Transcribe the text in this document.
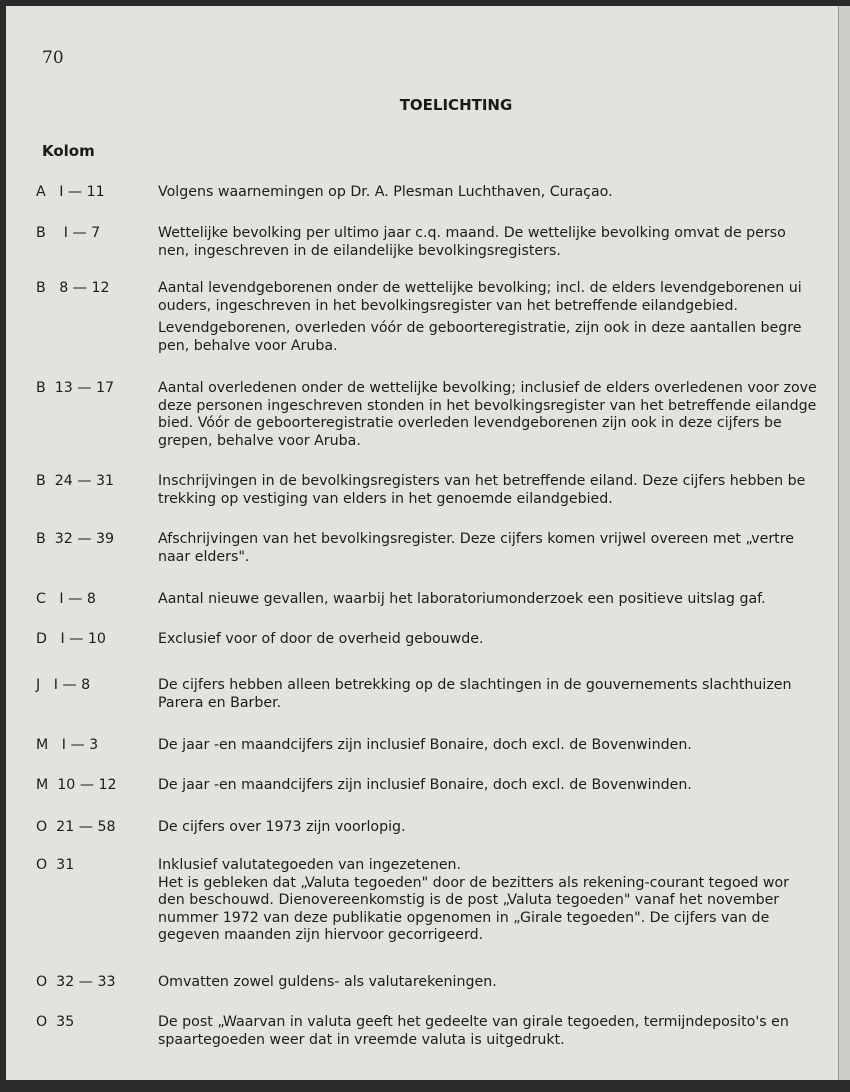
70
TOELICHTING
Kolom
A   I — 11	Volgens waarnemingen op Dr. A. Plesman Luchthaven, Curaçao.
B    I — 7	Wettelijke bevolking per ultimo jaar c.q. maand. De wettelijke bevolking omvat de perso
nen, ingeschreven in de eilandelijke bevolkingsregisters.
B   8 — 12	Aantal levendgeborenen onder de wettelijke bevolking; incl. de elders levendgeborenen ui
ouders, ingeschreven in het bevolkingsregister van het betreffende eilandgebied.
Levendgeborenen, overleden vóór de geboorteregistratie, zijn ook in deze aantallen begre
pen, behalve voor Aruba.
B  13 — 17	Aantal overledenen onder de wettelijke bevolking; inclusief de elders overledenen voor zove
deze personen ingeschreven stonden in het bevolkingsregister van het betreffende eilandge
bied. Vóór de geboorteregistratie overleden levendgeborenen zijn ook in deze cijfers be
grepen, behalve voor Aruba.
B  24 — 31	Inschrijvingen in de bevolkingsregisters van het betreffende eiland. Deze cijfers hebben be
trekking op vestiging van elders in het genoemde eilandgebied.
B  32 — 39	Afschrijvingen van het bevolkingsregister. Deze cijfers komen vrijwel overeen met „vertre
naar elders".
C   I — 8	Aantal nieuwe gevallen, waarbij het laboratoriumonderzoek een positieve uitslag gaf.
D   I — 10	Exclusief voor of door de overheid gebouwde.
J   I — 8	De cijfers hebben alleen betrekking op de slachtingen in de gouvernements slachthuizen
Parera en Barber.
M   I — 3	De jaar -en maandcijfers zijn inclusief Bonaire, doch excl. de Bovenwinden.
M  10 — 12	De jaar -en maandcijfers zijn inclusief Bonaire, doch excl. de Bovenwinden.
O  21 — 58	De cijfers over 1973 zijn voorlopig.
O  31	Inklusief valutategoeden van ingezetenen.
Het is gebleken dat „Valuta tegoeden" door de bezitters als rekening-courant tegoed wor
den beschouwd. Dienovereenkomstig is de post „Valuta tegoeden" vanaf het november
nummer 1972 van deze publikatie opgenomen in „Girale tegoeden". De cijfers van de
gegeven maanden zijn hiervoor gecorrigeerd.
O  32 — 33	Omvatten zowel guldens- als valutarekeningen.
O  35	De post „Waarvan in valuta geeft het gedeelte van girale tegoeden, termijndeposito's en
spaartegoeden weer dat in vreemde valuta is uitgedrukt.
